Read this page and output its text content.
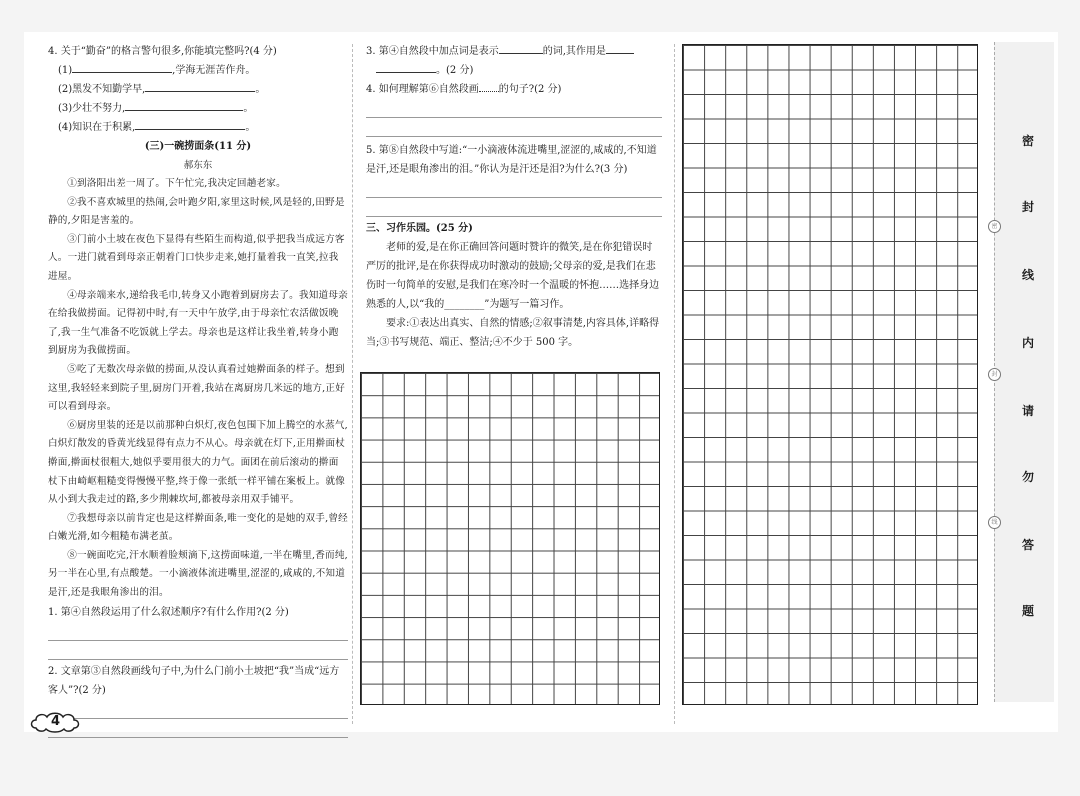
4. 关于“勤奋”的格言警句很多,你能填完整吗?(4 分)
(1)	,学海无涯苦作舟。
(2)黑发不知勤学早,	。
(3)少壮不努力,	。
(4)知识在于积累,	。
(三)一碗捞面条(11 分)
郝东东

①到洛阳出差一周了。下午忙完,我决定回趟老家。

②我不喜欢城里的热闹,会叶跑夕阳,家里这时候,风是轻的,田野是静的,夕阳是害羞的。

③门前小土坡在夜色下显得有些陌生而构道,似乎把我当成远方客人。一进门就看到母亲正朝着门口快步走来,她打量着我一直笑,拉我进屋。

④母亲端来水,递给我毛巾,转身又小跑着到厨房去了。我知道母亲在给我做捞面。记得初中时,有一天中午放学,由于母亲忙农活做饭晚了,我一生气准备不吃饭就上学去。母亲也是这样让我坐着,转身小跑到厨房为我做捞面。

⑤吃了无数次母亲做的捞面,从没认真看过她擀面条的样子。想到这里,我轻轻来到院子里,厨房门开着,我站在离厨房几米远的地方,正好可以看到母亲。

⑥厨房里装的还是以前那种白炽灯,夜色包围下加上腾空的水蒸气,白炽灯散发的昏黄光线显得有点力不从心。母亲就在灯下,正用擀面杖擀面,擀面杖很粗大,她似乎要用很大的力气。面团在前后滚动的擀面杖下由崎岖粗糙变得慢慢平整,终于像一张纸一样平铺在案板上。就像从小到大我走过的路,多少荆棘坎坷,都被母亲用双手铺平。

⑦我想母亲以前肯定也是这样擀面条,唯一变化的是她的双手,曾经白嫩光滑,如今粗糙布满老茧。

⑧一碗面吃完,汗水顺着脸颊滴下,这捞面味道,一半在嘴里,香而纯,另一半在心里,有点酸楚。一小滴液体流进嘴里,涩涩的,咸咸的,不知道是汗,还是我眼角渗出的泪。

1. 第④自然段运用了什么叙述顺序?有什么作用?(2 分)
2. 文章第③自然段画线句子中,为什么门前小土坡把“我”当成“远方客人”?(2 分)
3. 第④自然段中加点词是表示	的词,其作用是
。(2 分)
4. 如何理解第⑥自然段画 的句子?(2 分)
5. 第⑧自然段中写道:“一小滴液体流进嘴里,涩涩的,咸咸的,不知道是汗,还是眼角渗出的泪。”你认为是汗还是泪?为什么?(3 分)
三、习作乐园。(25 分)
老师的爱,是在你正确回答问题时赞许的微笑,是在你犯错误时严厉的批评,是在你获得成功时激动的鼓励;父母亲的爱,是我们在悲伤时一句简单的安慰,是我们在寒冷时一个温暖的怀抱……选择身边熟悉的人,以“我的________”为题写一篇习作。
要求:①表达出真实、自然的情感;②叙事清楚,内容具体,详略得当;③书写规范、端正、整洁;④不少于 500 字。
密
封
线
内
请
勿
答
题
密
封
线
4
